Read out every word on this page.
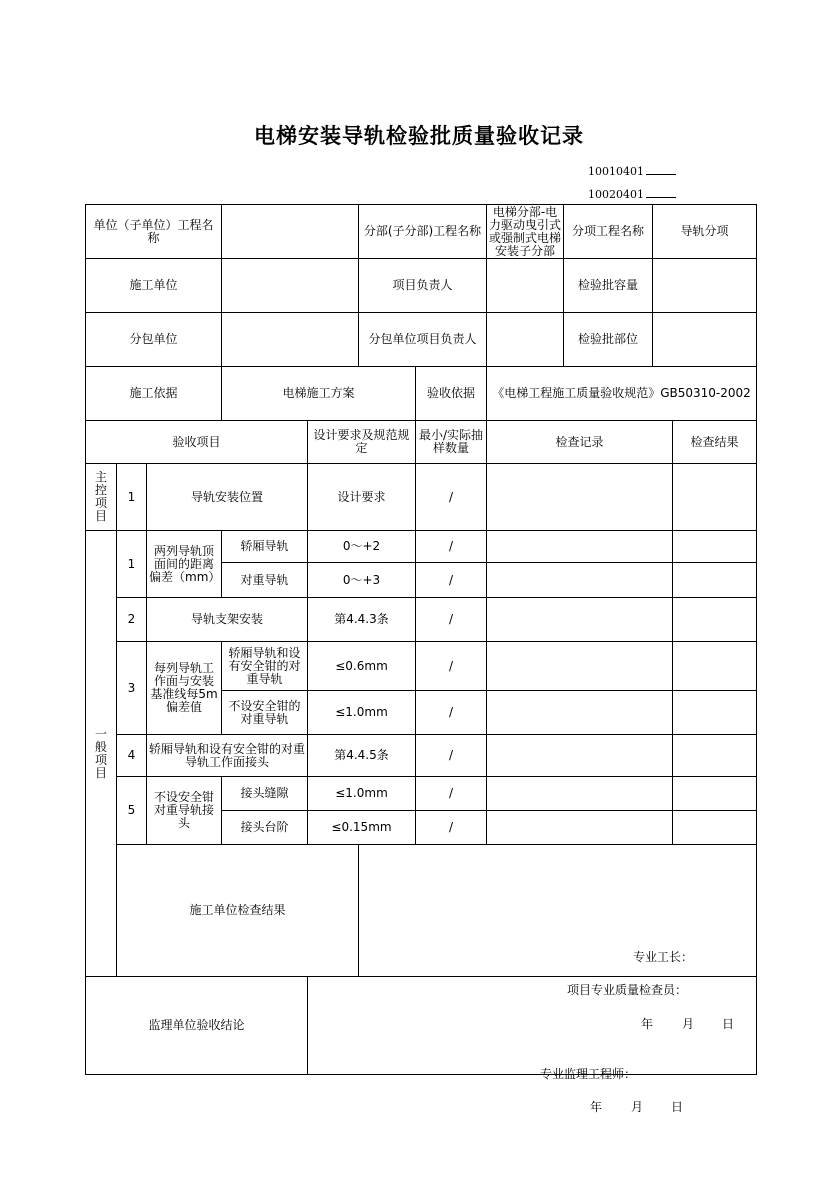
电梯安装导轨检验批质量验收记录
10010401
10020401
单位（子单位）工程名称					分部(子分部)工程名称		电梯分部-电力驱动曳引式或强制式电梯安装子分部	分项工程名称	导轨分项	
施工单位					项目负责人			检验批容量		
分包单位					分包单位项目负责人			检验批部位		
施工依据			电梯施工方案			验收依据	《电梯工程施工质量验收规范》GB50310-2002			
验收项目				设计要求及规范规定		最小/实际抽样数量	检查记录			检查结果
主控项目	1	导轨安装位置		设计要求		/				
一般项目	1	两列导轨顶面间的距离偏差（mm）	轿厢导轨	0～+2		/				
			对重导轨	0～+3		/				
	2	导轨支架安装		第4.4.3条		/				
	3	每列导轨工作面与安装基准线每5m偏差值	轿厢导轨和设有安全钳的对重导轨	≤0.6mm		/				
			不设安全钳的对重导轨	≤1.0mm		/				
	4	轿厢导轨和设有安全钳的对重导轨工作面接头		第4.4.5条		/				
	5	不设安全钳对重导轨接头	接头缝隙	≤1.0mm		/				
			接头台阶	≤0.15mm		/				
	施工单位检查结果				专业工长：
项目专业质量检查员：
年 月 日					

监理单位验收结论				专业监理工程师：
年 月 日						
